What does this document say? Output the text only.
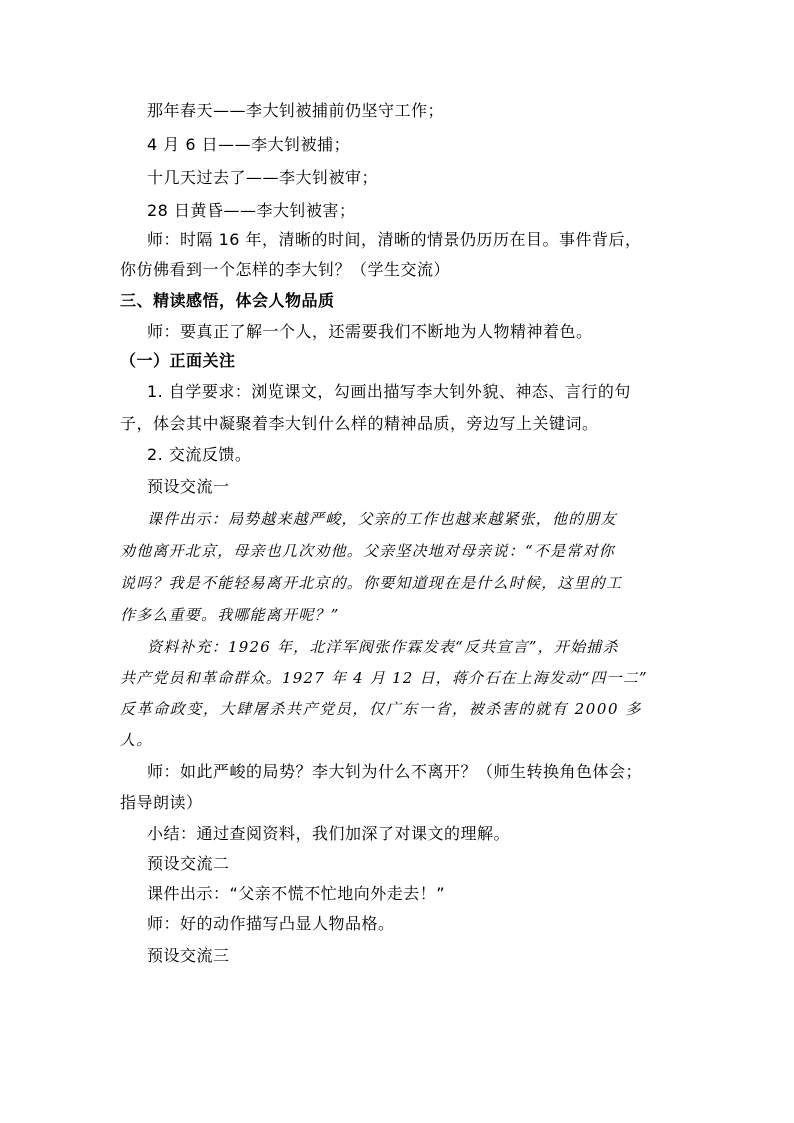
那年春天——李大钊被捕前仍坚守工作；
4 月 6 日——李大钊被捕；
十几天过去了——李大钊被审；
28 日黄昏——李大钊被害；
师：时隔 16 年，清晰的时间，清晰的情景仍历历在目。事件背后，
你仿佛看到一个怎样的李大钊？（学生交流）
三、精读感悟，体会人物品质
师：要真正了解一个人，还需要我们不断地为人物精神着色。
（一）正面关注
1. 自学要求：浏览课文，勾画出描写李大钊外貌、神态、言行的句
子，体会其中凝聚着李大钊什么样的精神品质，旁边写上关键词。
2. 交流反馈。
预设交流一
课件出示：局势越来越严峻，父亲的工作也越来越紧张，他的朋友
劝他离开北京，母亲也几次劝他。父亲坚决地对母亲说：“不是常对你
说吗？我是不能轻易离开北京的。你要知道现在是什么时候，这里的工
作多么重要。我哪能离开呢？”
资料补充：1926 年，北洋军阀张作霖发表“反共宣言”，开始捕杀
共产党员和革命群众。1927 年 4 月 12 日，蒋介石在上海发动“四一二”
反革命政变，大肆屠杀共产党员，仅广东一省，被杀害的就有 2000 多
人。
师：如此严峻的局势？李大钊为什么不离开？（师生转换角色体会；
指导朗读）
小结：通过查阅资料，我们加深了对课文的理解。
预设交流二
课件出示：“父亲不慌不忙地向外走去！”
师：好的动作描写凸显人物品格。
预设交流三
